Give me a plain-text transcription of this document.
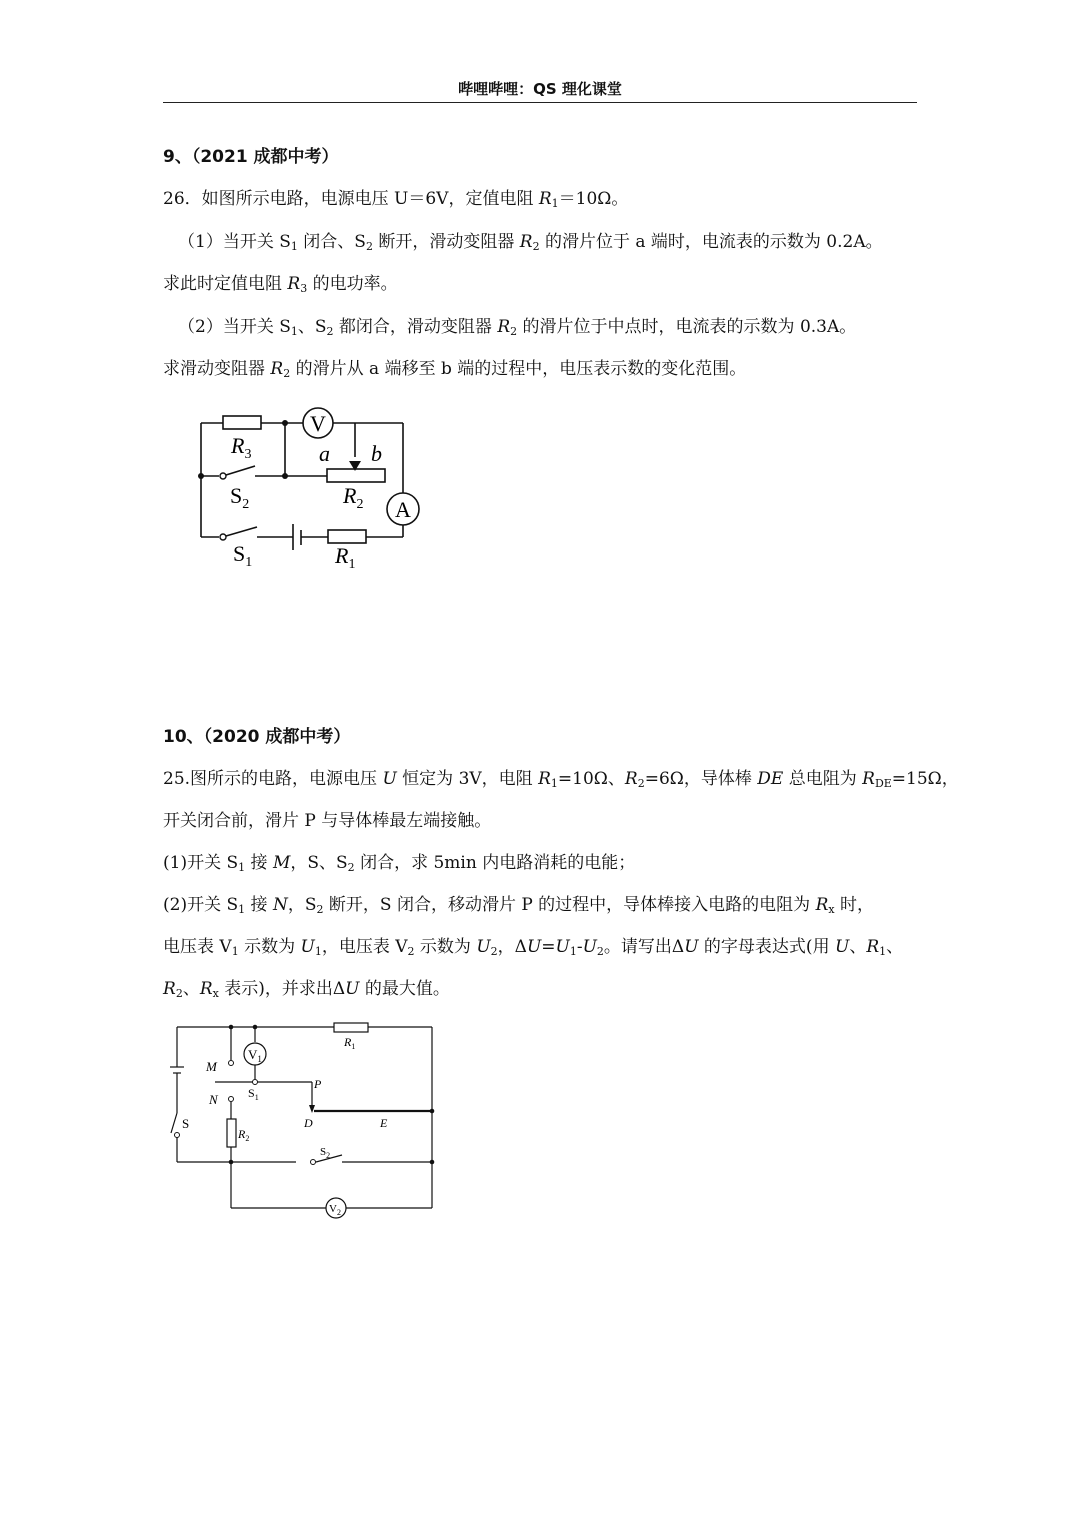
哔哩哔哩：QS 理化课堂
9、（2021 成都中考）
26．如图所示电路，电源电压 U＝6V，定值电阻 $R_1=10\Omega$。
（1）当开关 $S_1$ 闭合、$S_2$ 断开，滑动变阻器 $R_2$ 的滑片位于 a 端时，电流表的示数为 0.2A。
求此时定值电阻 $R_3$ 的电功率。
（2）当开关 $S_1$、$S_2$ 都闭合，滑动变阻器 $R_2$ 的滑片位于中点时，电流表的示数为 0.3A。
求滑动变阻器 $R_2$ 的滑片从 a 端移至 b 端的过程中，电压表示数的变化范围。
V
A
$R_3$
$R_2$
$R_1$
$S_2$
$S_1$
a b
10、（2020 成都中考）
25.图所示的电路，电源电压 U 恒定为 3V，电阻 $R_1=10\Omega$、$R_2=6\Omega$，导体棒 DE 总电阻为 $R_{DE}=15\Omega$，
开关闭合前，滑片 P 与导体棒最左端接触。
(1)开关 $S_1$ 接 M，S、$S_2$ 闭合，求 5min 内电路消耗的电能；
(2)开关 $S_1$ 接 N，$S_2$ 断开，S 闭合，移动滑片 P 的过程中，导体棒接入电路的电阻为 $R_x$ 时，
电压表 $V_1$ 示数为 $U_1$，电压表 $V_2$ 示数为 $U_2$，$\Delta U=U_1-U_2$。请写出ΔU 的字母表达式(用 U、$R_1$、
$R_2$、$R_x$ 表示)，并求出ΔU 的最大值。
$V_1$
$V_2$
M
N	$S_1$
S
$S_2$
$R_1$
$R_2$
P
D	E
